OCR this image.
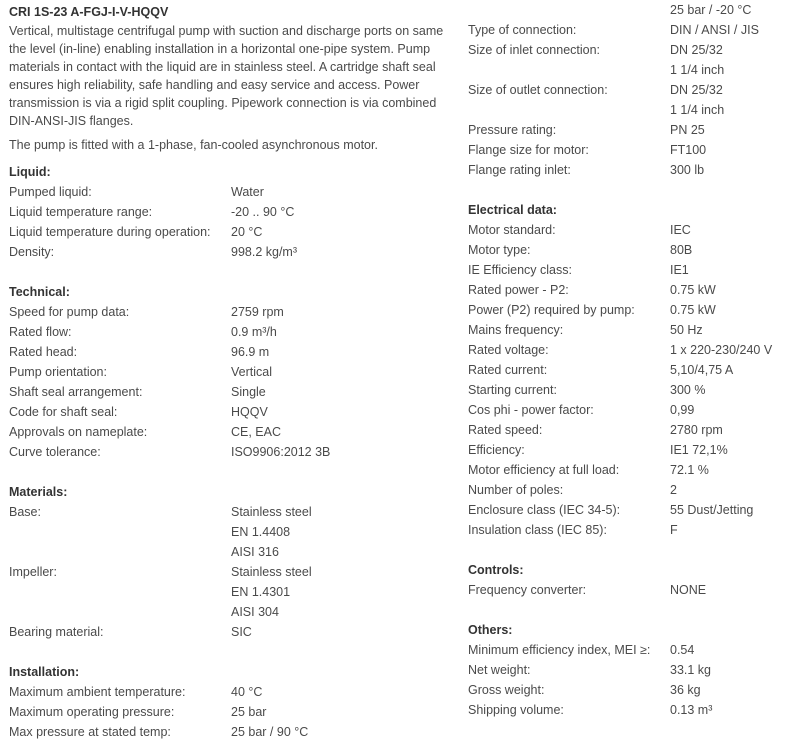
CRI 1S-23 A-FGJ-I-V-HQQV

Vertical, multistage centrifugal pump with suction and discharge ports on same the level (in-line) enabling installation in a horizontal one-pipe system. Pump materials in contact with the liquid are in stainless steel. A cartridge shaft seal ensures high reliability, safe handling and easy service and access. Power transmission is via a rigid split coupling. Pipework connection is via combined DIN-ANSI-JIS flanges.

The pump is fitted with a 1-phase, fan-cooled asynchronous motor.

Liquid:
Pumped liquid:	Water
Liquid temperature range:	-20 .. 90 °C
Liquid temperature during operation:	20 °C
Density:	998.2 kg/m³
Technical:
Speed for pump data:	2759 rpm
Rated flow:	0.9 m³/h
Rated head:	96.9 m
Pump orientation:	Vertical
Shaft seal arrangement:	Single
Code for shaft seal:	HQQV
Approvals on nameplate:	CE, EAC
Curve tolerance:	ISO9906:2012 3B
Materials:
Base:	Stainless steel
EN 1.4408
AISI 316
Impeller:	Stainless steel
EN 1.4301
AISI 304
Bearing material:	SIC
Installation:
Maximum ambient temperature:	40 °C
Maximum operating pressure:	25 bar
Max pressure at stated temp:	25 bar / 90 °C
25 bar / -20 °C
Type of connection:	DIN / ANSI / JIS
Size of inlet connection:	DN 25/32
1 1/4 inch
Size of outlet connection:	DN 25/32
1 1/4 inch
Pressure rating:	PN 25
Flange size for motor:	FT100
Flange rating inlet:	300 lb
Electrical data:
Motor standard:	IEC
Motor type:	80B
IE Efficiency class:	IE1
Rated power - P2:	0.75 kW
Power (P2) required by pump:	0.75 kW
Mains frequency:	50 Hz
Rated voltage:	1 x 220-230/240 V
Rated current:	5,10/4,75 A
Starting current:	300 %
Cos phi - power factor:	0,99
Rated speed:	2780 rpm
Efficiency:	IE1 72,1%
Motor efficiency at full load:	72.1 %
Number of poles:	2
Enclosure class (IEC 34-5):	55 Dust/Jetting
Insulation class (IEC 85):	F
Controls:
Frequency converter:	NONE
Others:
Minimum efficiency index, MEI ≥:	0.54
Net weight:	33.1 kg
Gross weight:	36 kg
Shipping volume:	0.13 m³
